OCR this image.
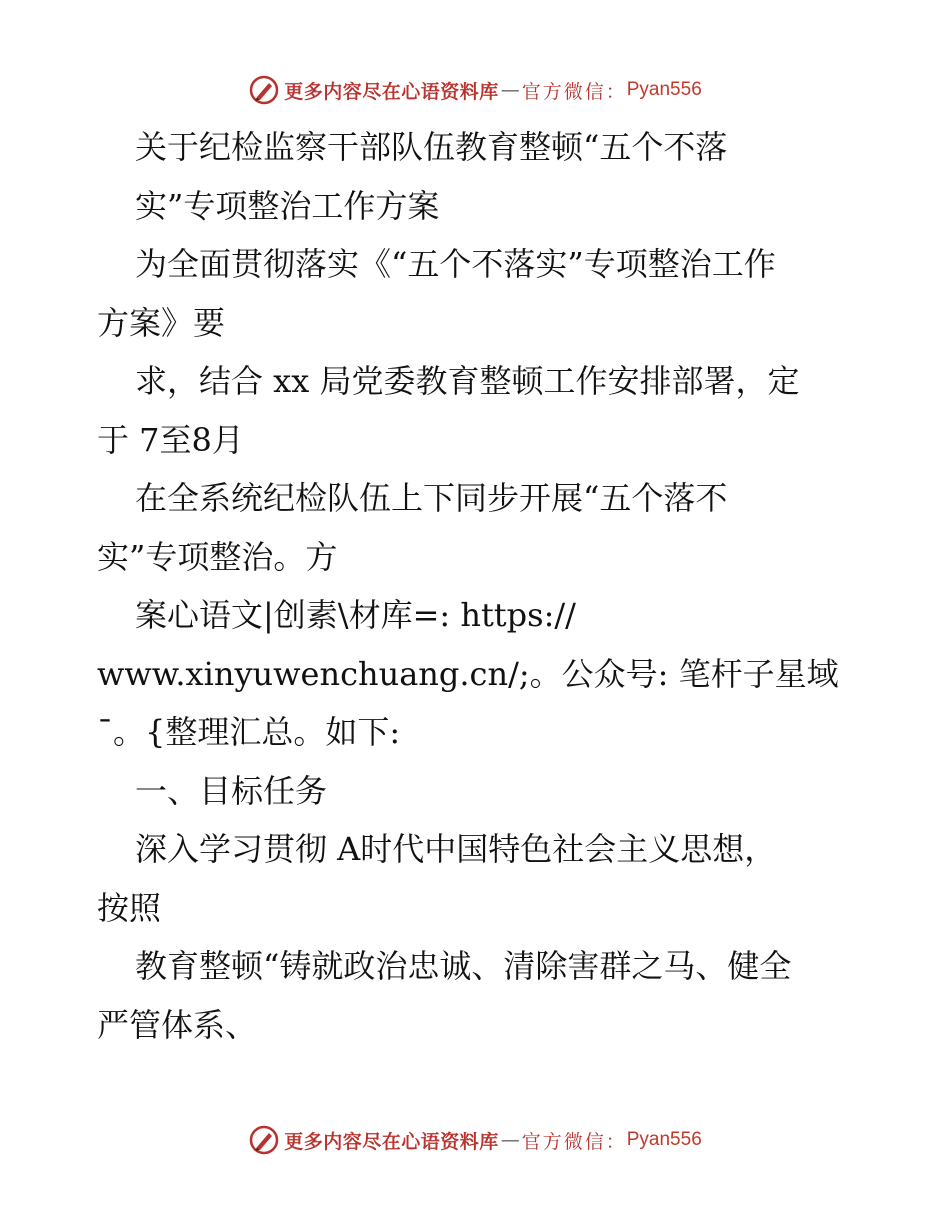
更多内容尽在心语资料库 — 官方微信： Pyan556
关于纪检监察干部队伍教育整顿“五个不落
实”专项整治工作方案
为全面贯彻落实《“五个不落实”专项整治工作
方案》要
求，结合 xx 局党委教育整顿工作安排部署，定
于 7至8月
在全系统纪检队伍上下同步开展“五个落不
实”专项整治。方
案心语文|创素\材库=: https://
www.xinyuwenchuang.cn/;。公众号: 笔杆子星域
¯。{整理汇总。如下:
一、目标任务
深入学习贯彻 A时代中国特色社会主义思想，
按照
教育整顿“铸就政治忠诚、清除害群之马、健全
严管体系、
更多内容尽在心语资料库 — 官方微信： Pyan556
